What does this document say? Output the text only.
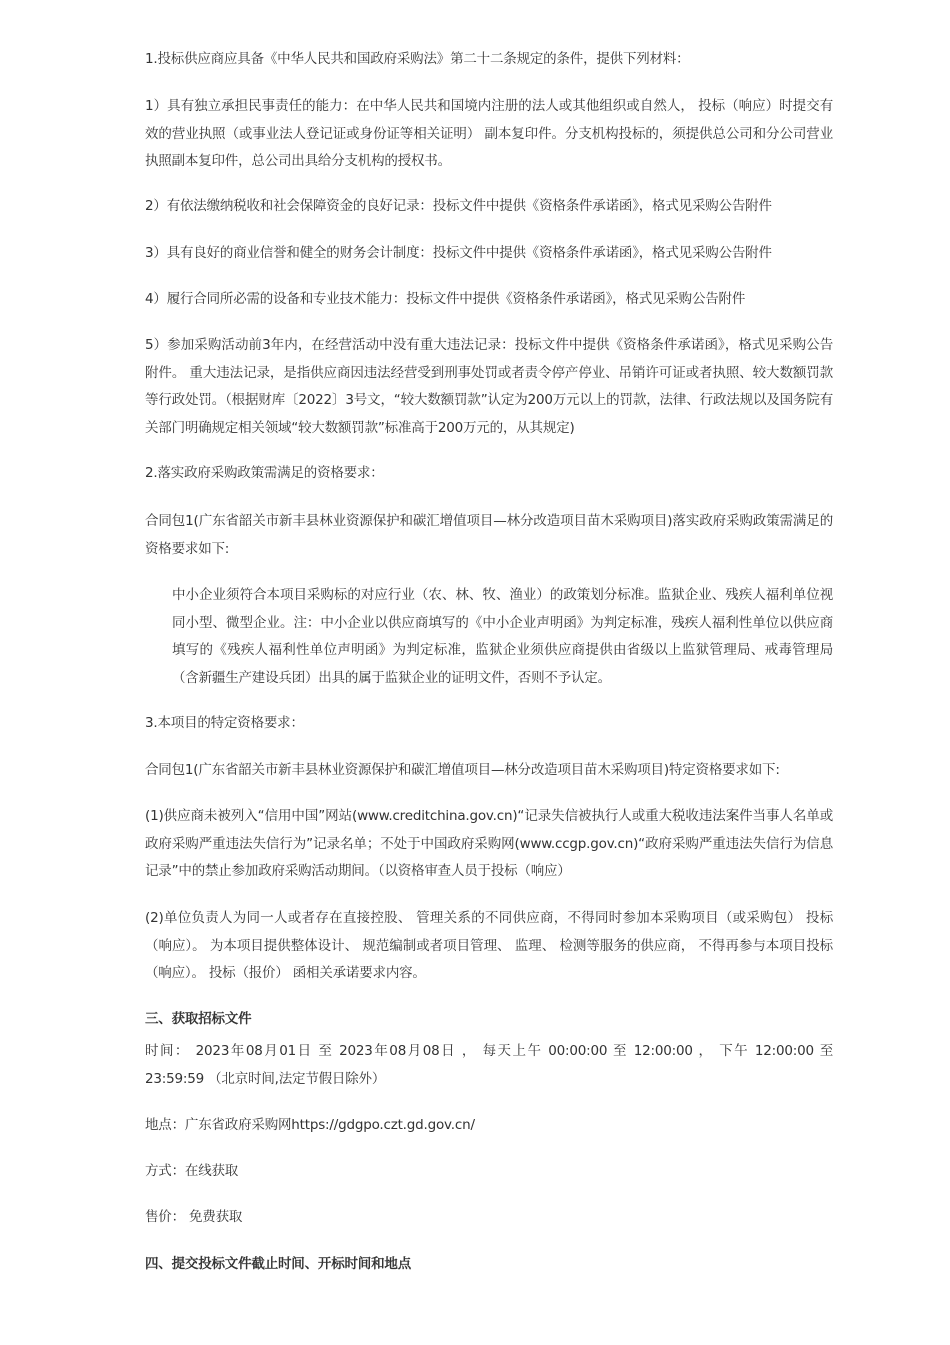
1.投标供应商应具备《中华人民共和国政府采购法》第二十二条规定的条件，提供下列材料：

1）具有独立承担民事责任的能力：在中华人民共和国境内注册的法人或其他组织或自然人， 投标（响应）时提交有效的营业执照（或事业法人登记证或身份证等相关证明） 副本复印件。分支机构投标的，须提供总公司和分公司营业执照副本复印件，总公司出具给分支机构的授权书。

2）有依法缴纳税收和社会保障资金的良好记录：投标文件中提供《资格条件承诺函》，格式见采购公告附件

3）具有良好的商业信誉和健全的财务会计制度：投标文件中提供《资格条件承诺函》，格式见采购公告附件

4）履行合同所必需的设备和专业技术能力：投标文件中提供《资格条件承诺函》，格式见采购公告附件

5）参加采购活动前3年内，在经营活动中没有重大违法记录：投标文件中提供《资格条件承诺函》，格式见采购公告附件。 重大违法记录，是指供应商因违法经营受到刑事处罚或者责令停产停业、吊销许可证或者执照、较大数额罚款等行政处罚。（根据财库〔2022〕3号文，“较大数额罚款”认定为200万元以上的罚款，法律、行政法规以及国务院有关部门明确规定相关领域“较大数额罚款”标准高于200万元的，从其规定)

2.落实政府采购政策需满足的资格要求：

合同包1(广东省韶关市新丰县林业资源保护和碳汇增值项目—林分改造项目苗木采购项目)落实政府采购政策需满足的资格要求如下:

中小企业须符合本项目采购标的对应行业（农、林、牧、渔业）的政策划分标准。监狱企业、残疾人福利单位视同小型、微型企业。注：中小企业以供应商填写的《中小企业声明函》为判定标准，残疾人福利性单位以供应商填写的《残疾人福利性单位声明函》为判定标准，监狱企业须供应商提供由省级以上监狱管理局、戒毒管理局（含新疆生产建设兵团）出具的属于监狱企业的证明文件，否则不予认定。

3.本项目的特定资格要求：

合同包1(广东省韶关市新丰县林业资源保护和碳汇增值项目—林分改造项目苗木采购项目)特定资格要求如下:

(1)供应商未被列入“信用中国”网站(www.creditchina.gov.cn)“记录失信被执行人或重大税收违法案件当事人名单或政府采购严重违法失信行为”记录名单；不处于中国政府采购网(www.ccgp.gov.cn)“政府采购严重违法失信行为信息记录”中的禁止参加政府采购活动期间。（以资格审查人员于投标（响应）

(2)单位负责人为同一人或者存在直接控股、 管理关系的不同供应商，不得同时参加本采购项目（或采购包） 投标（响应）。 为本项目提供整体设计、 规范编制或者项目管理、 监理、 检测等服务的供应商， 不得再参与本项目投标（响应）。 投标（报价） 函相关承诺要求内容。

三、获取招标文件

时间： 2023年08月01日 至 2023年08月08日 ， 每天上午 00:00:00 至 12:00:00 ， 下午 12:00:00 至 23:59:59 （北京时间,法定节假日除外）

地点：广东省政府采购网https://gdgpo.czt.gd.gov.cn/

方式：在线获取

售价： 免费获取

四、提交投标文件截止时间、开标时间和地点
